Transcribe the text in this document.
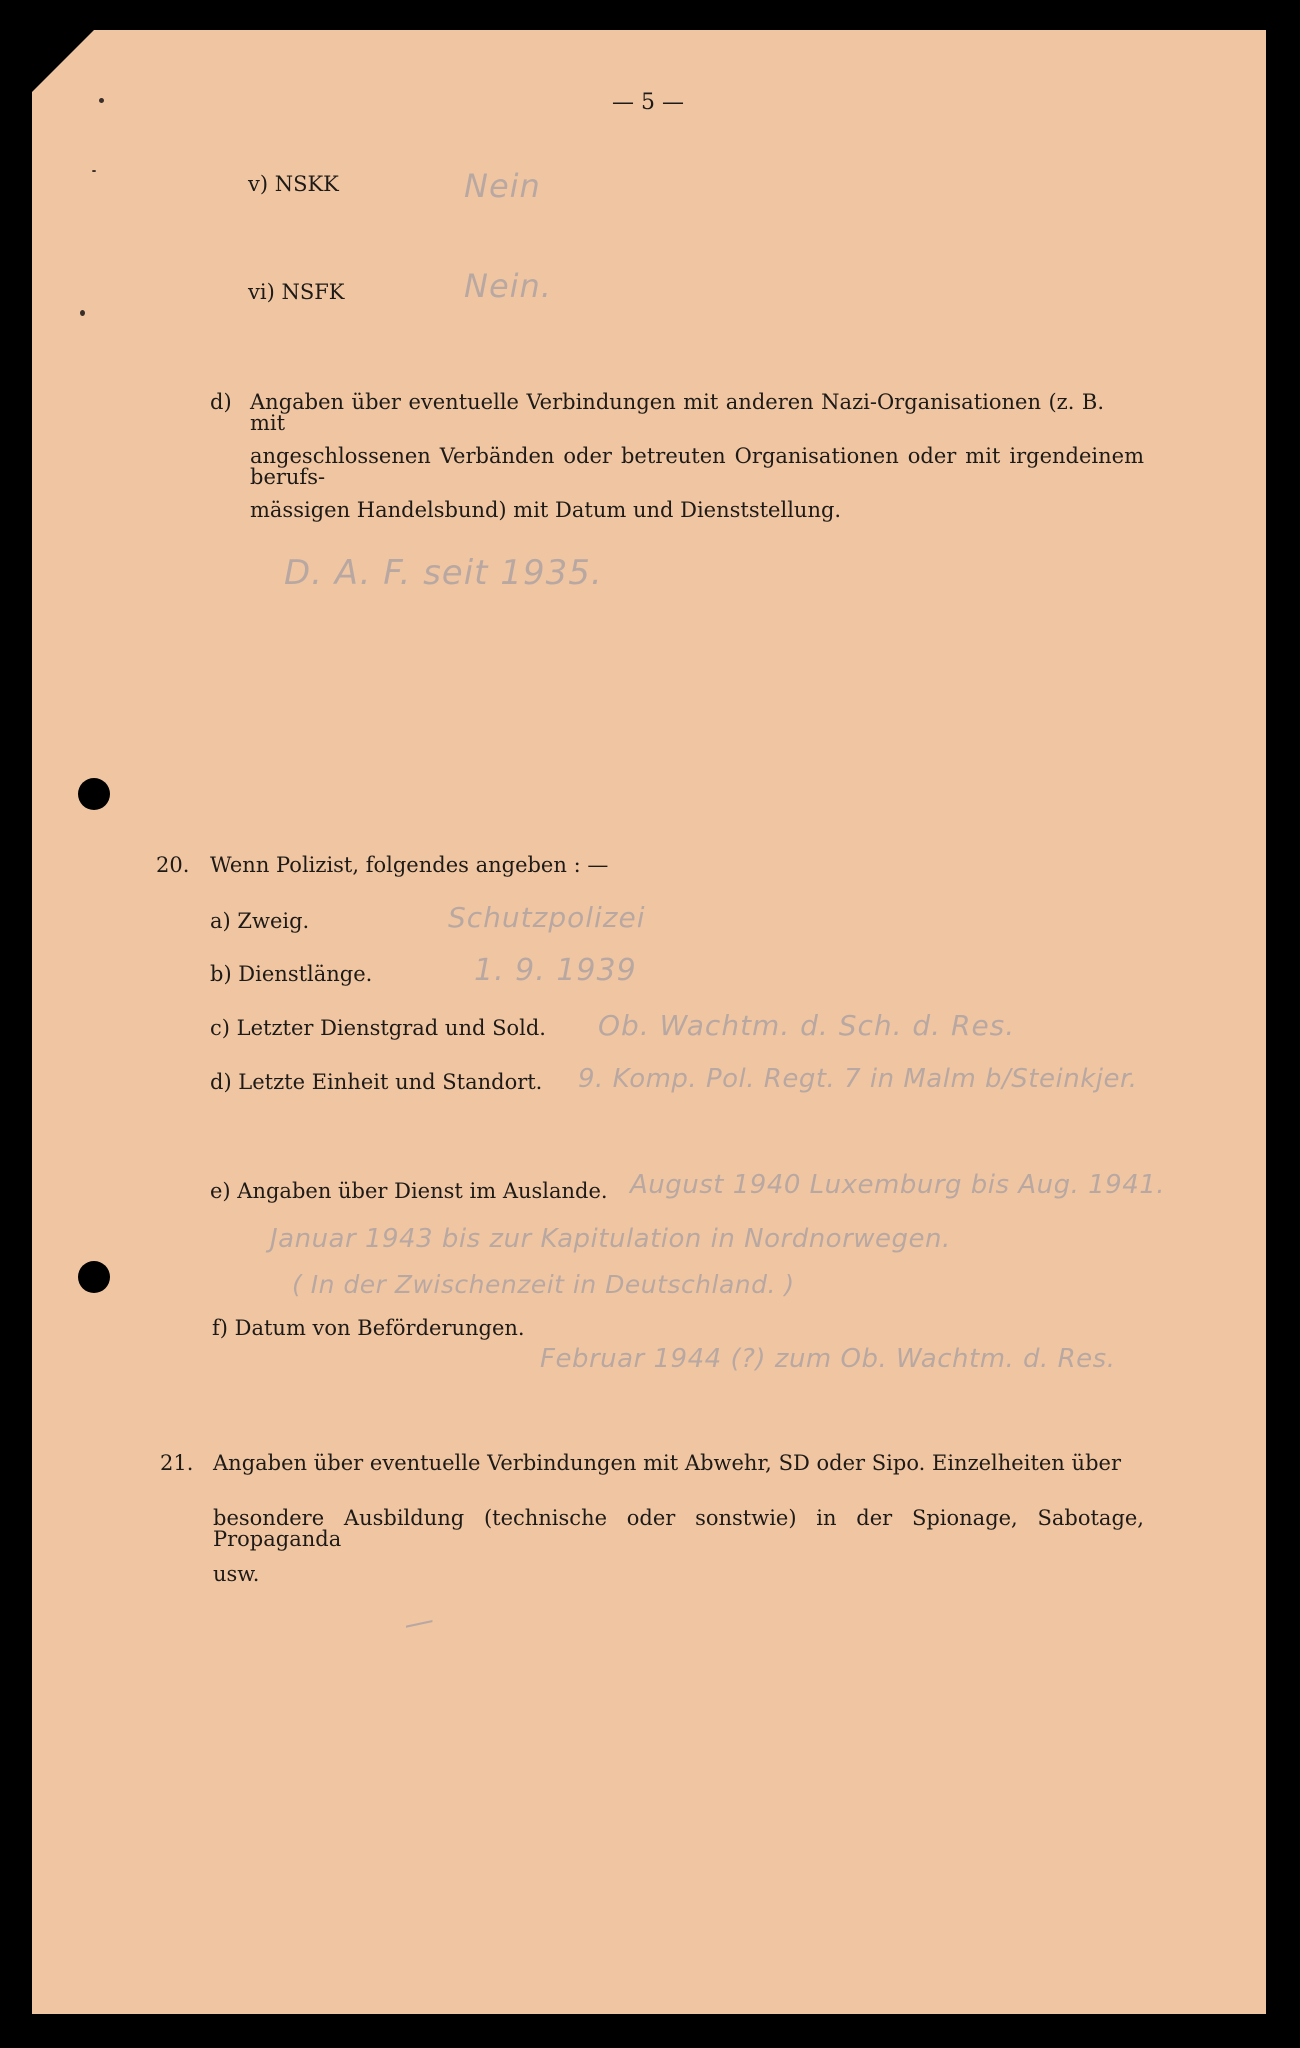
— 5 —
v) NSKK	Nein
vi) NSFK	Nein.
d) Angaben über eventuelle Verbindungen mit anderen Nazi-Organisationen (z. B. mit
angeschlossenen Verbänden oder betreuten Organisationen oder mit irgendeinem berufs-
mässigen Handelsbund) mit Datum und Dienststellung.
D. A. F. seit 1935.
20. Wenn Polizist, folgendes angeben : —
a) Zweig.	Schutzpolizei
b) Dienstlänge.	1. 9. 1939
c) Letzter Dienstgrad und Sold. Ob. Wachtm. d. Sch. d. Res.
d) Letzte Einheit und Standort. 9. Komp. Pol. Regt. 7 in Malm b/Steinkjer.
e) Angaben über Dienst im Auslande. August 1940 Luxemburg bis Aug. 1941.
Januar 1943 bis zur Kapitulation in Nordnorwegen.
( In der Zwischenzeit in Deutschland. )
f) Datum von Beförderungen.
Februar 1944 (?) zum Ob. Wachtm. d. Res.
21. Angaben über eventuelle Verbindungen mit Abwehr, SD oder Sipo. Einzelheiten über
besondere Ausbildung (technische oder sonstwie) in der Spionage, Sabotage, Propaganda
usw.
—
